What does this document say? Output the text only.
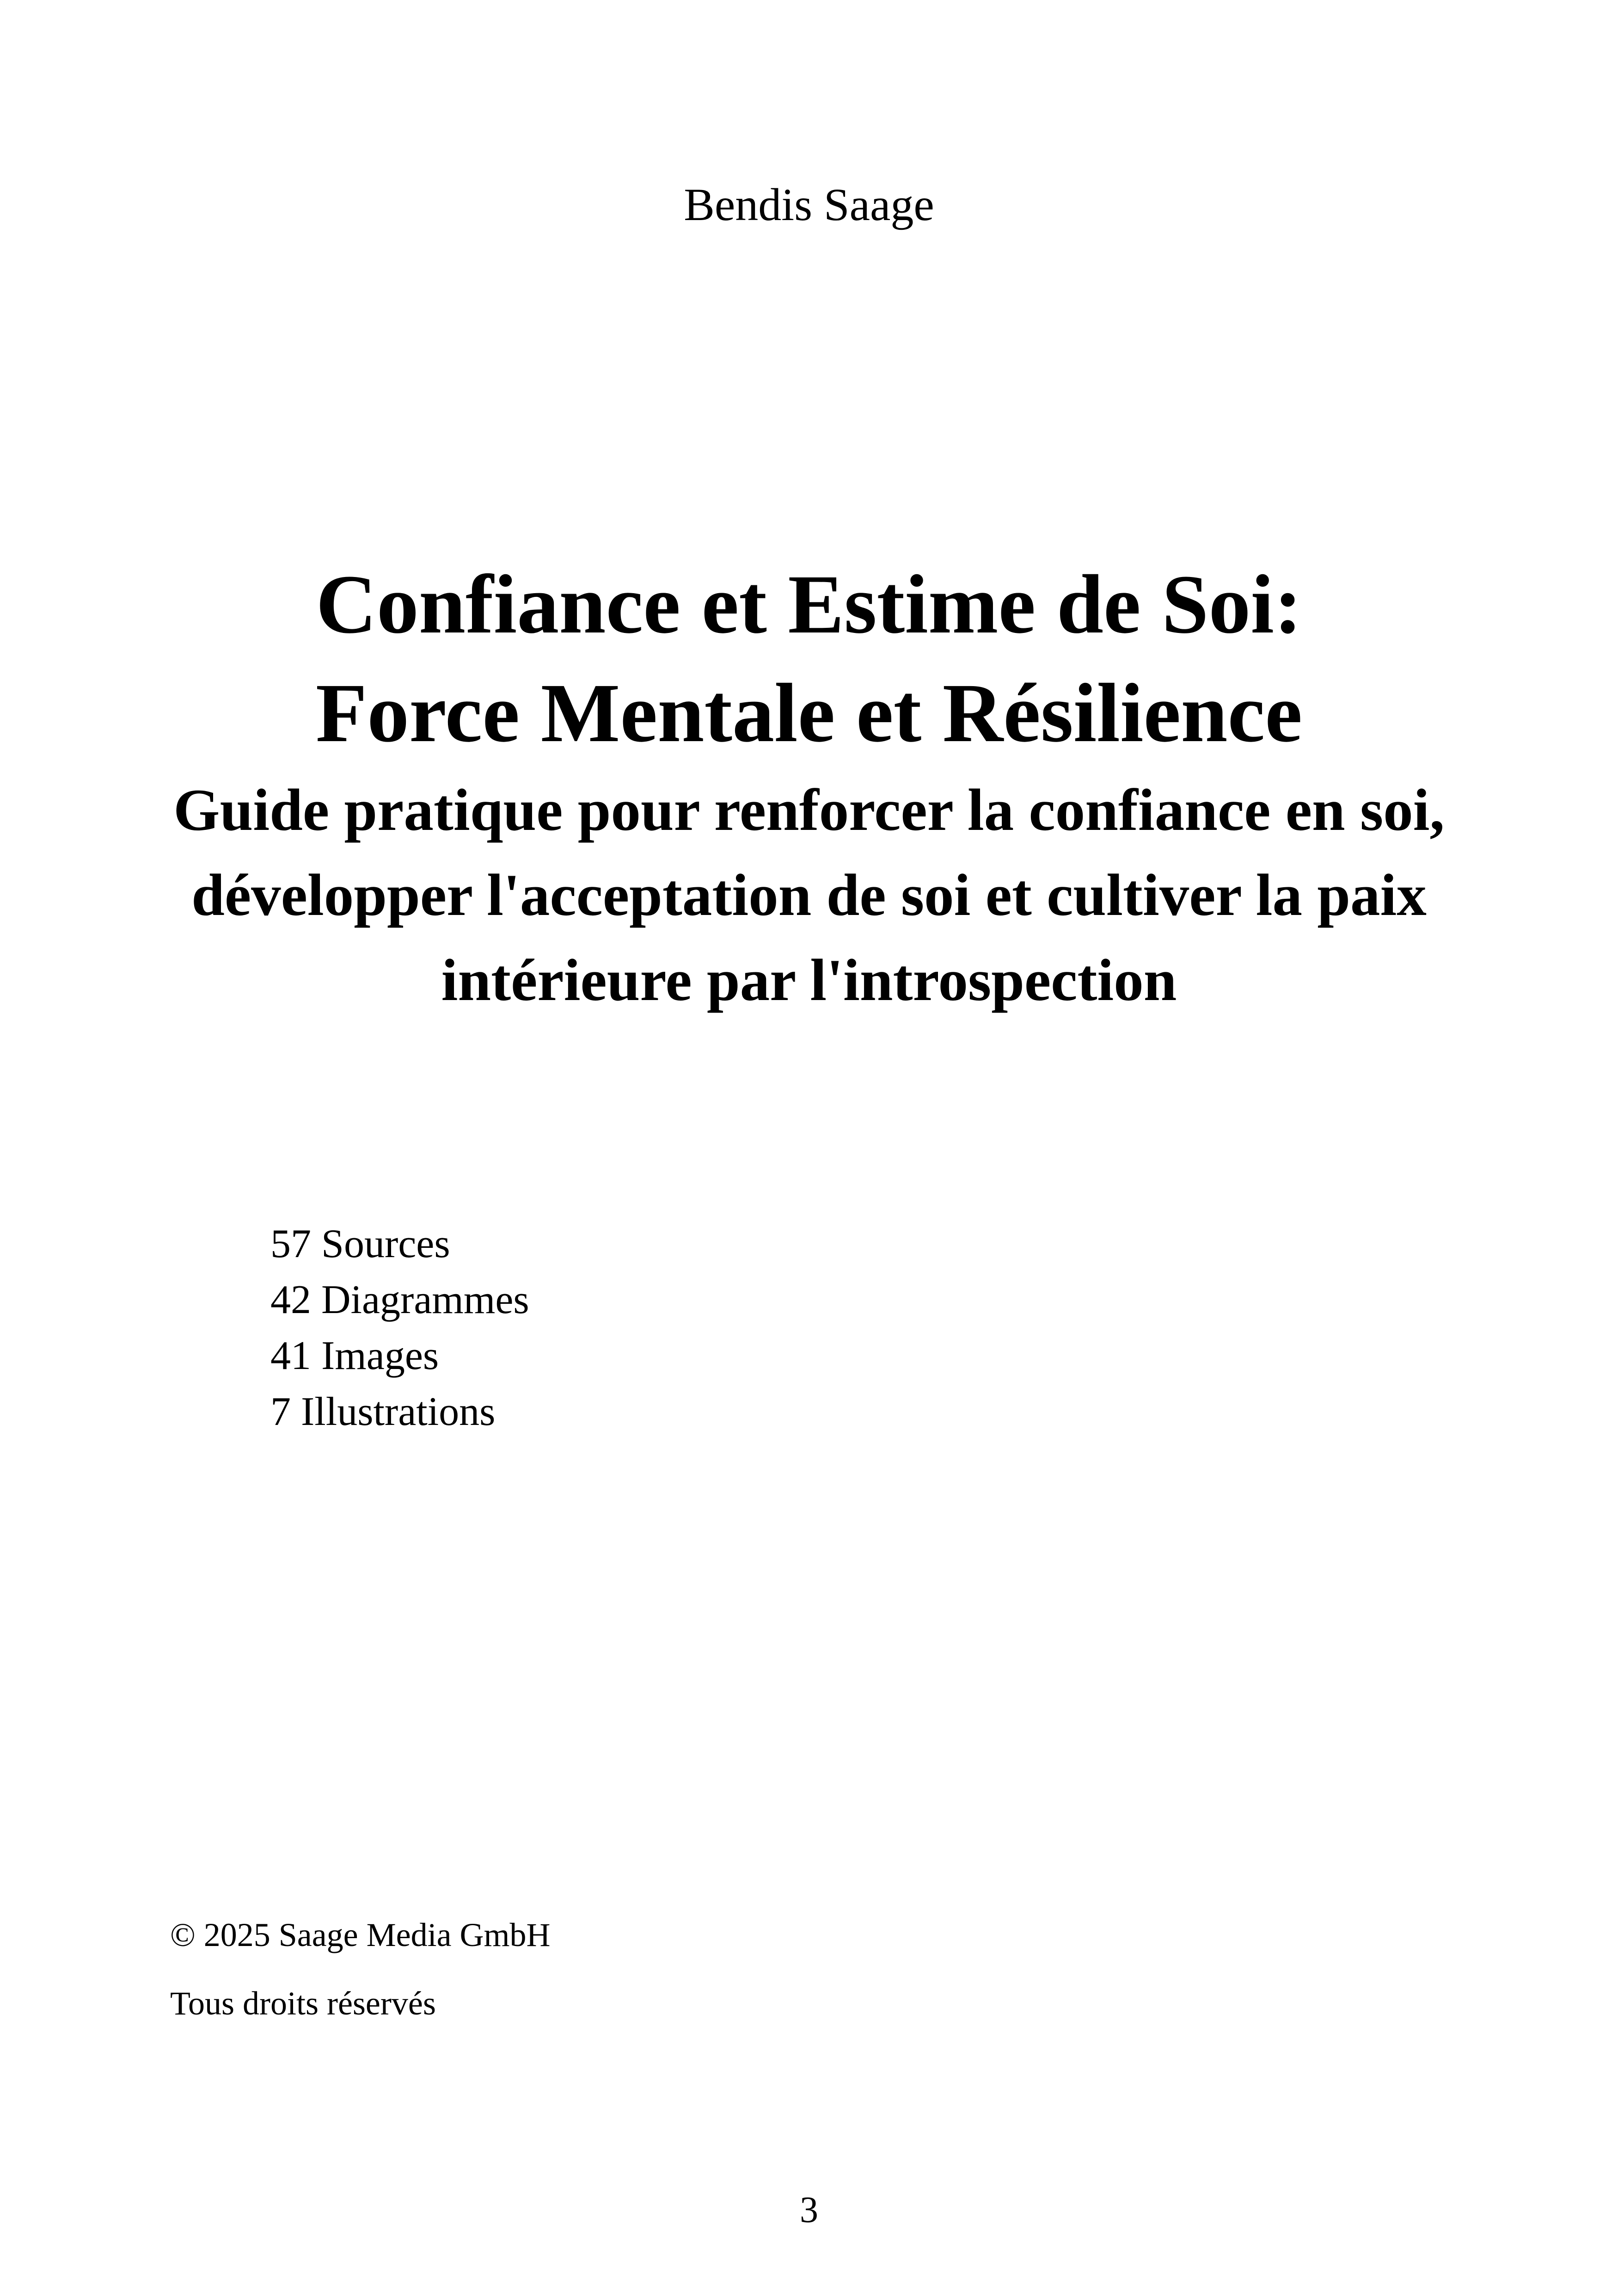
Bendis Saage
Confiance et Estime de Soi:
Force Mentale et Résilience
Guide pratique pour renforcer la confiance en soi, développer l'acceptation de soi et cultiver la paix intérieure par l'introspection
57 Sources
42 Diagrammes
41 Images
7 Illustrations
© 2025 Saage Media GmbH
Tous droits réservés
3
